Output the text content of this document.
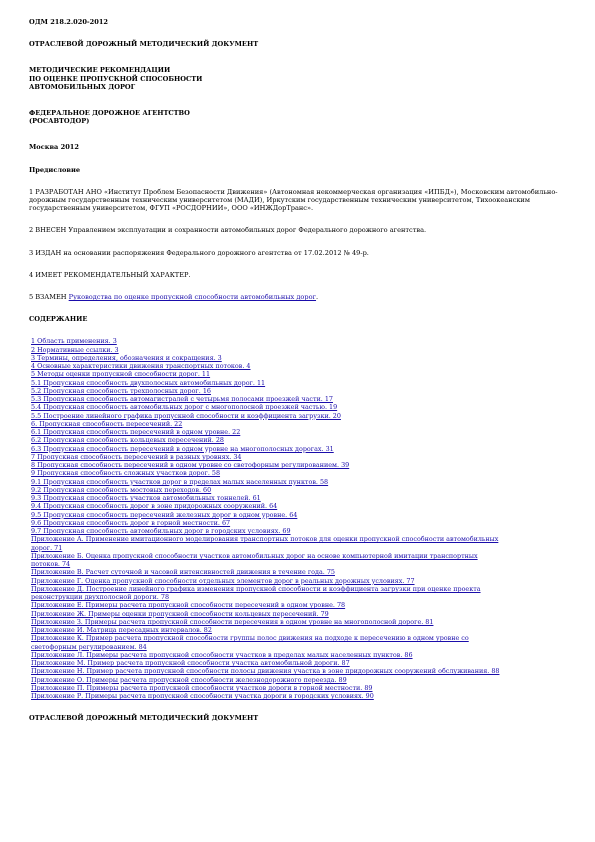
ОДМ 218.2.020-2012
ОТРАСЛЕВОЙ ДОРОЖНЫЙ МЕТОДИЧЕСКИЙ ДОКУМЕНТ
МЕТОДИЧЕСКИЕ РЕКОМЕНДАЦИИ
ПО ОЦЕНКЕ ПРОПУСКНОЙ СПОСОБНОСТИ
АВТОМОБИЛЬНЫХ ДОРОГ
ФЕДЕРАЛЬНОЕ ДОРОЖНОЕ АГЕНТСТВО
(РОСАВТОДОР)
Москва 2012
Предисловие
1 РАЗРАБОТАН АНО «Институт Проблем Безопасности Движения» (Автономная некоммерческая организация «ИПБД»), Московским автомобильно-дорожным государственным техническим университетом (МАДИ), Иркутским государственным техническим университетом, Тихоокеанским государственным университетом, ФГУП «РОСДОРНИИ», ООО «ИНЖДорТранс».
2 ВНЕСЕН Управлением эксплуатации и сохранности автомобильных дорог Федерального дорожного агентства.
3 ИЗДАН на основании распоряжения Федерального дорожного агентства от 17.02.2012 № 49-р.
4 ИМЕЕТ РЕКОМЕНДАТЕЛЬНЫЙ ХАРАКТЕР.
5 ВЗАМЕН Руководства по оценке пропускной способности автомобильных дорог.
СОДЕРЖАНИЕ
1 Область применения. 3
2 Нормативные ссылки. 3
3 Термины, определения, обозначения и сокращения. 3
4 Основные характеристики движения транспортных потоков. 4
5 Методы оценки пропускной способности дорог. 11
5.1 Пропускная способность двухполосных автомобильных дорог. 11
5.2 Пропускная способность трехполосных дорог. 16
5.3 Пропускная способность автомагистралей с четырьмя полосами проезжей части. 17
5.4 Пропускная способность автомобильных дорог с многополосной проезжей частью. 19
5.5 Построение линейного графика пропускной способности и коэффициента загрузки. 20
6. Пропускная способность пересечений. 22
6.1 Пропускная способность пересечений в одном уровне. 22
6.2 Пропускная способность кольцевых пересечений. 28
6.3 Пропускная способность пересечений в одном уровне на многополосных дорогах. 31
7 Пропускная способность пересечений в разных уровнях. 34
8 Пропускная способность пересечений в одном уровне со светофорным регулированием. 39
9 Пропускная способность сложных участков дорог. 58
9.1 Пропускная способность участков дорог в пределах малых населенных пунктов. 58
9.2 Пропускная способность мостовых переходов. 60
9.3 Пропускная способность участков автомобильных тоннелей. 61
9.4 Пропускная способность дорог в зоне придорожных сооружений. 64
9.5 Пропускная способность пересечений железных дорог в одном уровне. 64
9.6 Пропускная способность дорог в горной местности. 67
9.7 Пропускная способность автомобильных дорог в городских условиях. 69
Приложение А. Применение имитационного моделирования транспортных потоков для оценки пропускной способности автомобильных дорог. 71
Приложение Б. Оценка пропускной способности участков автомобильных дорог на основе компьютерной имитации транспортных потоков. 74
Приложение В. Расчет суточной и часовой интенсивностей движения в течение года. 75
Приложение Г. Оценка пропускной способности отдельных элементов дорог в реальных дорожных условиях. 77
Приложение Д. Построение линейного графика изменения пропускной способности и коэффициента загрузки при оценке проекта реконструкции двухполосной дороги. 78
Приложение Е. Примеры расчета пропускной способности пересечений в одном уровне. 78
Приложение Ж. Примеры оценки пропускной способности кольцевых пересечений. 79
Приложение З. Примеры расчета пропускной способности пересечения в одном уровне на многополосной дороге. 81
Приложение И. Матрица пересадных интервалов. 82
Приложение К. Пример расчета пропускной способности группы полос движения на подходе к пересечению в одном уровне со светофорным регулированием. 84
Приложение Л. Примеры расчета пропускной способности участков в пределах малых населенных пунктов. 86
Приложение М. Пример расчета пропускной способности участка автомобильной дороги. 87
Приложение Н. Пример расчета пропускной способности полосы движения участка в зоне придорожных сооружений обслуживания. 88
Приложение О. Примеры расчета пропускной способности железнодорожного переезда. 89
Приложение П. Примеры расчета пропускной способности участков дороги в горной местности. 89
Приложение Р. Примеры расчета пропускной способности участка дороги в городских условиях. 90
ОТРАСЛЕВОЙ ДОРОЖНЫЙ МЕТОДИЧЕСКИЙ ДОКУМЕНТ
